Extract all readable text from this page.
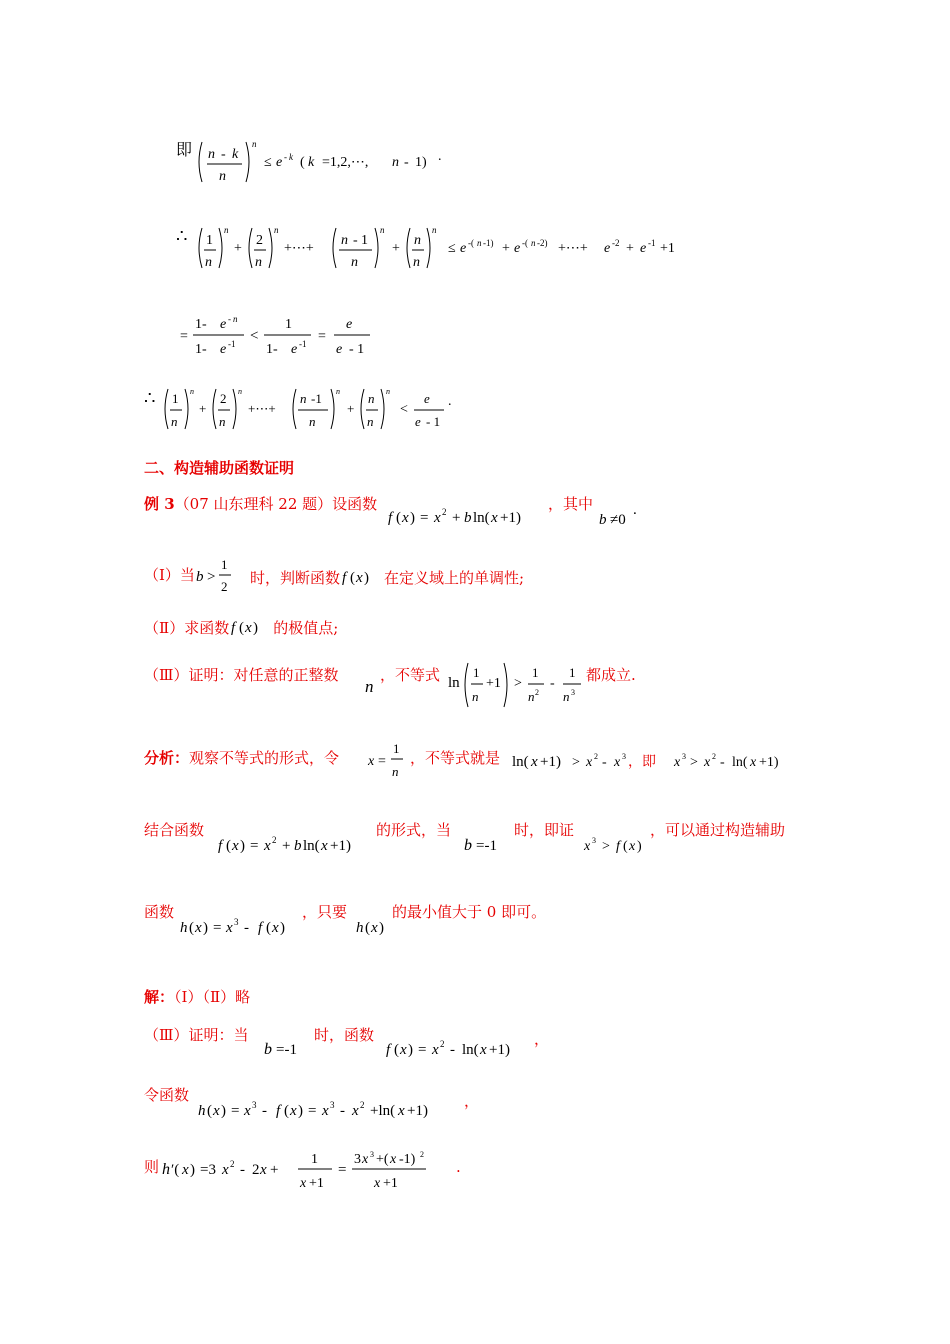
即 n - k
n
n
≤ e - k ( k =1,2,⋯, n - 1) .
∴ 1
n
n
+
2
n
n
+⋯+
n - 1
n
n
+
n
n
n
≤ e -( n -1) + e -( n -2) +⋯+ e -2 + e -1 +1
=
1- e - n
1- e -1 <
1
1- e -1 =
e
e - 1
∴ 1
n
n
+
2
n
n
+⋯+
n -1
n
n
+
n
n
n
<
e
e - 1
.
二、构造辅助函数证明
例 3（07 山东理科 22 题）设函数
f ( x ) = x 2 + b ln( x +1)
，其中
b ≠0
.
（Ⅰ）当 b >
1
2 时，判断函数 f ( x ) 在定义域上的单调性;
（Ⅱ）求函数 f ( x ) 的极值点;
（Ⅲ）证明：对任意的正整数
n
，不等式 ln
1
n
+1 >
1
n 2
-
1
n 3
都成立.
分析：观察不等式的形式，令 x =
1
n
，不等式就是 ln( x +1) > x 2 - x 3 ，即 x 3 > x 2 - ln( x +1)
结合函数
f ( x ) = x 2 + b ln( x +1)
的形式，当
b =-1
时，即证
x 3 > f ( x )
，可以通过构造辅助
函数
h ( x ) = x 3 - f ( x )
，只要
h ( x )
的最小值大于 0 即可。
解：（Ⅰ）（Ⅱ）略
（Ⅲ）证明：当
b =-1
时，函数
f ( x ) = x 2 - ln( x +1)
，
令函数
h ( x ) = x 3 - f ( x ) = x 3 - x 2 +ln( x +1)
，
则 h ′( x ) =3 x 2 - 2 x +
1
x +1
=
3 x 3 +( x -1) 2
x +1
.
